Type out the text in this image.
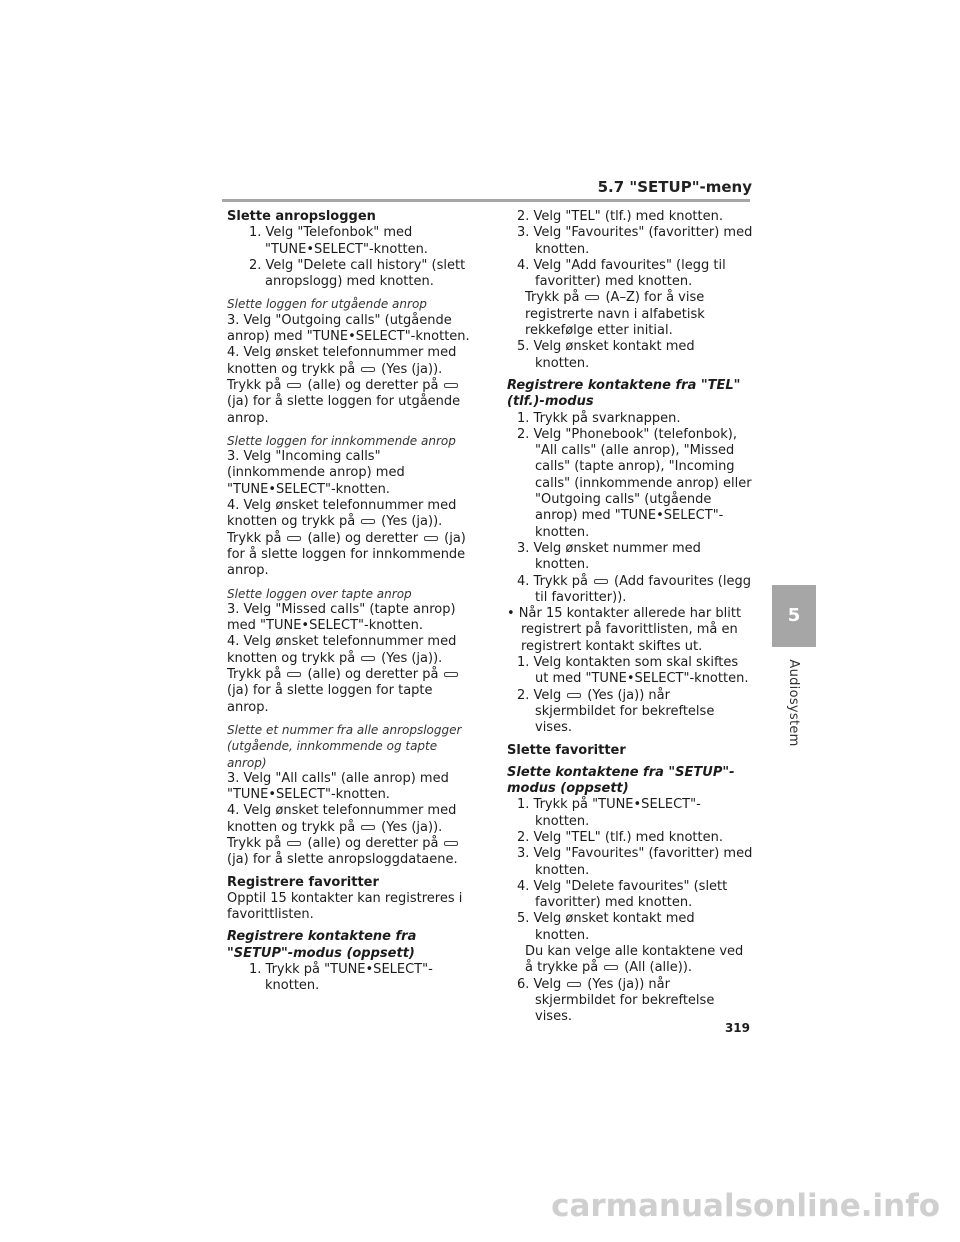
5.7 "SETUP"-meny

Slette anropsloggen

1. Velg "Telefonbok" med "TUNE•SELECT"-knotten.

2. Velg "Delete call history" (slett anropslogg) med knotten.

Slette loggen for utgående anrop

3. Velg "Outgoing calls" (utgående anrop) med "TUNE•SELECT"-knotten.

4. Velg ønsket telefonnummer med knotten og trykk på (Yes (ja)).

Trykk på (alle) og deretter på(ja) for å slette loggen for utgående anrop.

Slette loggen for innkommende anrop

3. Velg "Incoming calls" (innkommende anrop) med "TUNE•SELECT"-knotten.

4. Velg ønsket telefonnummer med knotten og trykk på (Yes (ja)).

Trykk på (alle) og deretter (ja) for å slette loggen for innkommende anrop.

Slette loggen over tapte anrop

3. Velg "Missed calls" (tapte anrop) med "TUNE•SELECT"-knotten.

4. Velg ønsket telefonnummer med knotten og trykk på (Yes (ja)).

Trykk på (alle) og deretter på(ja) for å slette loggen for tapte anrop.

Slette et nummer fra alle anropslogger (utgående, innkommende og tapte anrop)

3. Velg "All calls" (alle anrop) med "TUNE•SELECT"-knotten.

4. Velg ønsket telefonnummer med knotten og trykk på (Yes (ja)).

Trykk på (alle) og deretter på(ja) for å slette anropsloggdataene.

Registrere favoritter

Opptil 15 kontakter kan registreres i favorittlisten.

Registrere kontaktene fra "SETUP"-modus (oppsett)

1. Trykk på "TUNE•SELECT"-knotten.

2. Velg "TEL" (tlf.) med knotten.

3. Velg "Favourites" (favoritter) med knotten.

4. Velg "Add favourites" (legg til favoritter) med knotten.

Trykk på (A–Z) for å vise registrerte navn i alfabetisk rekkefølge etter initial.

5. Velg ønsket kontakt med knotten.

Registrere kontaktene fra "TEL" (tlf.)-modus

1. Trykk på svarknappen.

2. Velg "Phonebook" (telefonbok), "All calls" (alle anrop), "Missed calls" (tapte anrop), "Incoming calls" (innkommende anrop) eller "Outgoing calls" (utgående anrop) med "TUNE•SELECT"-knotten.

3. Velg ønsket nummer med knotten.

4. Trykk på (Add favourites (legg til favoritter)).

• Når 15 kontakter allerede har blitt registrert på favorittlisten, må en registrert kontakt skiftes ut.

1. Velg kontakten som skal skiftes ut med "TUNE•SELECT"-knotten.

2. Velg (Yes (ja)) når skjermbildet for bekreftelse vises.

Slette favoritter

Slette kontaktene fra "SETUP"-modus (oppsett)

1. Trykk på "TUNE•SELECT"-knotten.

2. Velg "TEL" (tlf.) med knotten.

3. Velg "Favourites" (favoritter) med knotten.

4. Velg "Delete favourites" (slett favoritter) med knotten.

5. Velg ønsket kontakt med knotten.

Du kan velge alle kontaktene ved å trykke på (All (alle)).

6. Velg (Yes (ja)) når skjermbildet for bekreftelse vises.

5
Audiosystem
319
carmanualsonline.info
